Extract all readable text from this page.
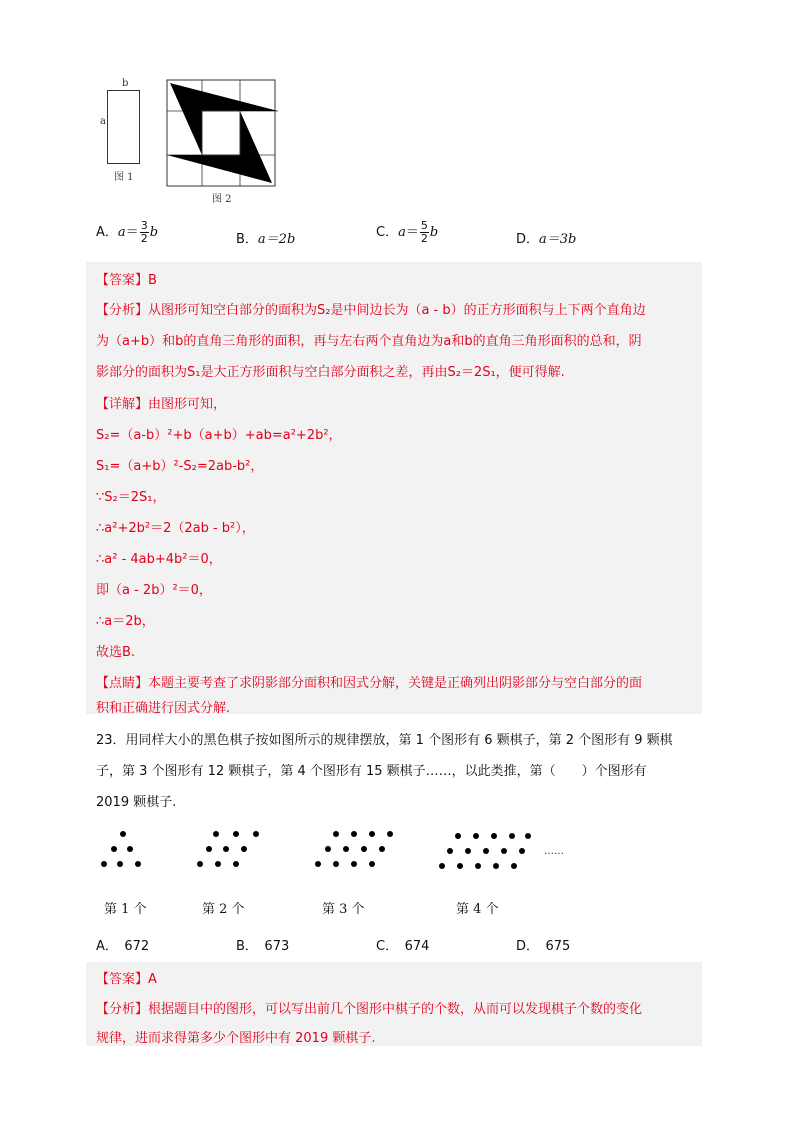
b
a
图 1
图 2
A．$a= \frac{3}{2}$ b	B．a＝2b	C．$a= \frac{5}{2}$ b	D．a＝3b
【答案】B
【分析】从图形可知空白部分的面积为S₂是中间边长为（a - b）的正方形面积与上下两个直角边
为（a+b）和b的直角三角形的面积，再与左右两个直角边为a和b的直角三角形面积的总和，阴
影部分的面积为S₁是大正方形面积与空白部分面积之差，再由S₂＝2S₁，便可得解.
【详解】由图形可知，
S₂=（a-b）²+b（a+b）+ab=a²+2b²，
S₁=（a+b）²-S₂=2ab-b²，
∵S₂＝2S₁，
∴a²+2b²＝2（2ab - b²），
∴a² - 4ab+4b²＝0，
即（a - 2b）²＝0，
∴a＝2b，
故选B.
【点睛】本题主要考查了求阴影部分面积和因式分解，关键是正确列出阴影部分与空白部分的面
积和正确进行因式分解.
23．用同样大小的黑色棋子按如图所示的规律摆放，第 1 个图形有 6 颗棋子，第 2 个图形有 9 颗棋
子，第 3 个图形有 12 颗棋子，第 4 个图形有 15 颗棋子……，以此类推，第（　　）个图形有
2019 颗棋子.
……
第 1 个	第 2 个	第 3 个	第 4 个
A．　672	B．　673	C．　674	D．　675
【答案】A
【分析】根据题目中的图形，可以写出前几个图形中棋子的个数，从而可以发现棋子个数的变化
规律，进而求得第多少个图形中有 2019 颗棋子.
